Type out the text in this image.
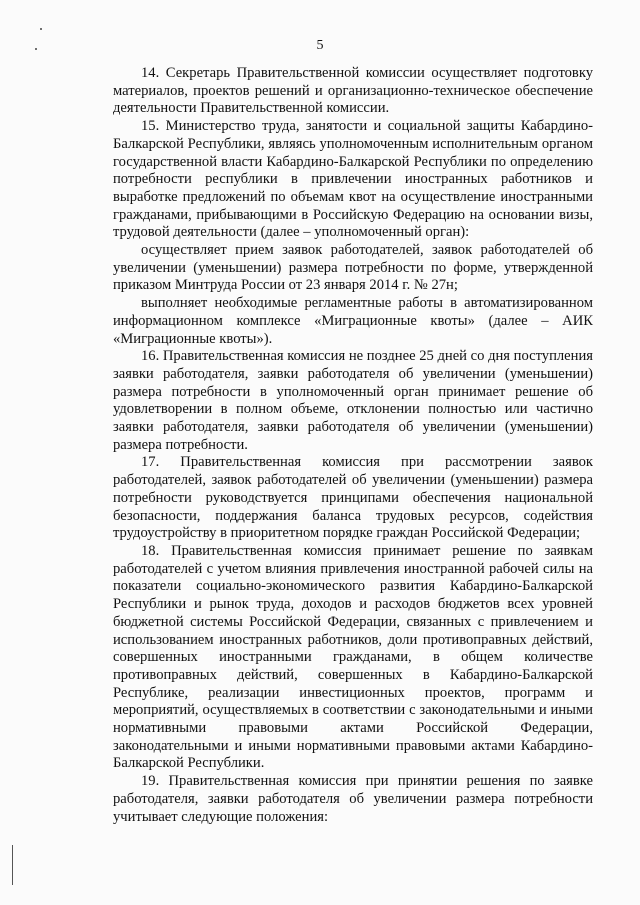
5

14. Секретарь Правительственной комиссии осуществляет подготовку материалов, проектов решений и организационно-техническое обеспечение деятельности Правительственной комиссии.

15. Министерство труда, занятости и социальной защиты Кабардино-Балкарской Республики, являясь уполномоченным исполнительным органом государственной власти Кабардино-Балкарской Республики по определению потребности республики в привлечении иностранных работников и выработке предложений по объемам квот на осуществление иностранными гражданами, прибывающими в Российскую Федерацию на основании визы, трудовой деятельности (далее – уполномоченный орган):

осуществляет прием заявок работодателей, заявок работодателей об увеличении (уменьшении) размера потребности по форме, утвержденной приказом Минтруда России от 23 января 2014 г. № 27н;

выполняет необходимые регламентные работы в автоматизированном информационном комплексе «Миграционные квоты» (далее – АИК «Миграционные квоты»).

16. Правительственная комиссия не позднее 25 дней со дня поступления заявки работодателя, заявки работодателя об увеличении (уменьшении) размера потребности в уполномоченный орган принимает решение об удовлетворении в полном объеме, отклонении полностью или частично заявки работодателя, заявки работодателя об увеличении (уменьшении) размера потребности.

17. Правительственная комиссия при рассмотрении заявок работодателей, заявок работодателей об увеличении (уменьшении) размера потребности руководствуется принципами обеспечения национальной безопасности, поддержания баланса трудовых ресурсов, содействия трудоустройству в приоритетном порядке граждан Российской Федерации;

18. Правительственная комиссия принимает решение по заявкам работодателей с учетом влияния привлечения иностранной рабочей силы на показатели социально-экономического развития Кабардино-Балкарской Республики и рынок труда, доходов и расходов бюджетов всех уровней бюджетной системы Российской Федерации, связанных с привлечением и использованием иностранных работников, доли противоправных действий, совершенных иностранными гражданами, в общем количестве противоправных действий, совершенных в Кабардино-Балкарской Республике, реализации инвестиционных проектов, программ и мероприятий, осуществляемых в соответствии с законодательными и иными нормативными правовыми актами Российской Федерации, законодательными и иными нормативными правовыми актами Кабардино-Балкарской Республики.

19. Правительственная комиссия при принятии решения по заявке работодателя, заявки работодателя об увеличении размера потребности учитывает следующие положения:
